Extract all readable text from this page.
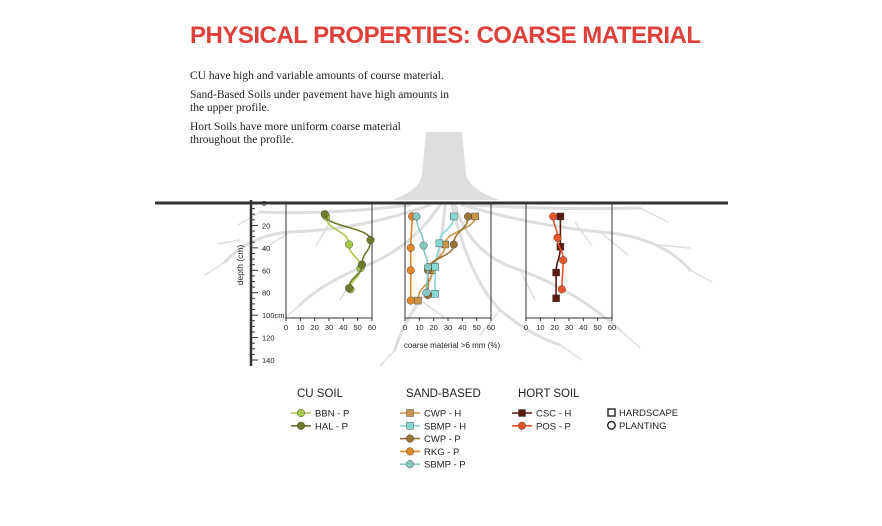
PHYSICAL PROPERTIES: COARSE MATERIAL

CU have high and variable amounts of course material.

Sand-Based Soils under pavement have high amounts in the upper profile.

Hort Soils have more uniform coarse material throughout the profile.

0
20
40
60
80
100cm
120
140
depth (cm)
0 10 20 30 40 50 60	0 10 20 30 40 50 60	0 10 20 30 40 50 60
coarse material >6 mm (%)
CU SOIL
BBN - P
HAL - P
SAND-BASED
CWP - H
SBMP - H
CWP - P
RKG - P
SBMP - P
HORT SOIL
CSC - H
POS - P
HARDSCAPE
PLANTING
